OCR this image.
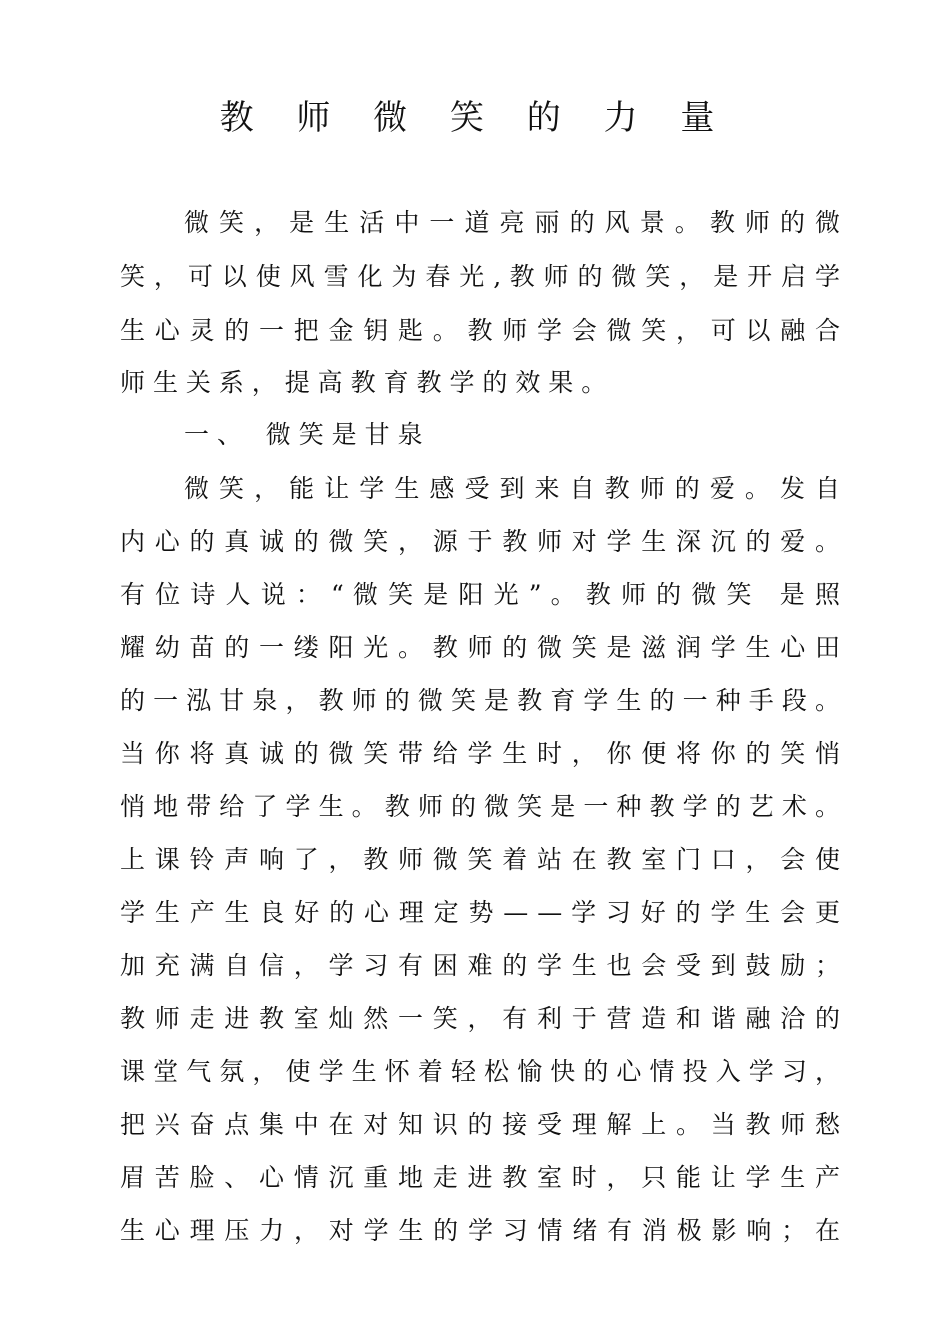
教 师 微 笑 的 力 量
微 笑 ， 是 生 活 中 一 道 亮 丽 的 风 景 。 教 师 的 微
笑 ， 可 以 使 风 雪 化 为 春 光 , 教 师 的 微 笑 ， 是 开 启 学
生 心 灵 的 一 把 金 钥 匙 。 教 师 学 会 微 笑 ， 可 以 融 合
师 生 关 系 ， 提 高 教 育 教 学 的 效 果 。
一 、   微 笑 是 甘 泉
微 笑 ， 能 让 学 生 感 受 到 来 自 教 师 的 爱 。 发 自
内 心 的 真 诚 的 微 笑 ， 源 于 教 师 对 学 生 深 沉 的 爱 。
有 位 诗 人 说 ： “ 微 笑 是 阳 光 ” 。 教 师 的 微 笑   是 照
耀 幼 苗 的 一 缕 阳 光 。 教 师 的 微 笑 是 滋 润 学 生 心 田
的 一 泓 甘 泉 ， 教 师 的 微 笑 是 教 育 学 生 的 一 种 手 段 。
当 你 将 真 诚 的 微 笑 带 给 学 生 时 ， 你 便 将 你 的 笑 悄
悄 地 带 给 了 学 生 。 教 师 的 微 笑 是 一 种 教 学 的 艺 术 。
上 课 铃 声 响 了 ， 教 师 微 笑 着 站 在 教 室 门 口 ， 会 使
学 生 产 生 良 好 的 心 理 定 势 — — 学 习 好 的 学 生 会 更
加 充 满 自 信 ， 学 习 有 困 难 的 学 生 也 会 受 到 鼓 励 ；
教 师 走 进 教 室 灿 然 一 笑 ， 有 利 于 营 造 和 谐 融 洽 的
课 堂 气 氛 ， 使 学 生 怀 着 轻 松 愉 快 的 心 情 投 入 学 习 ，
把 兴 奋 点 集 中 在 对 知 识 的 接 受 理 解 上 。 当 教 师 愁
眉 苦 脸 、 心 情 沉 重 地 走 进 教 室 时 ， 只 能 让 学 生 产
生 心 理 压 力 ， 对 学 生 的 学 习 情 绪 有 消 极 影 响 ； 在
